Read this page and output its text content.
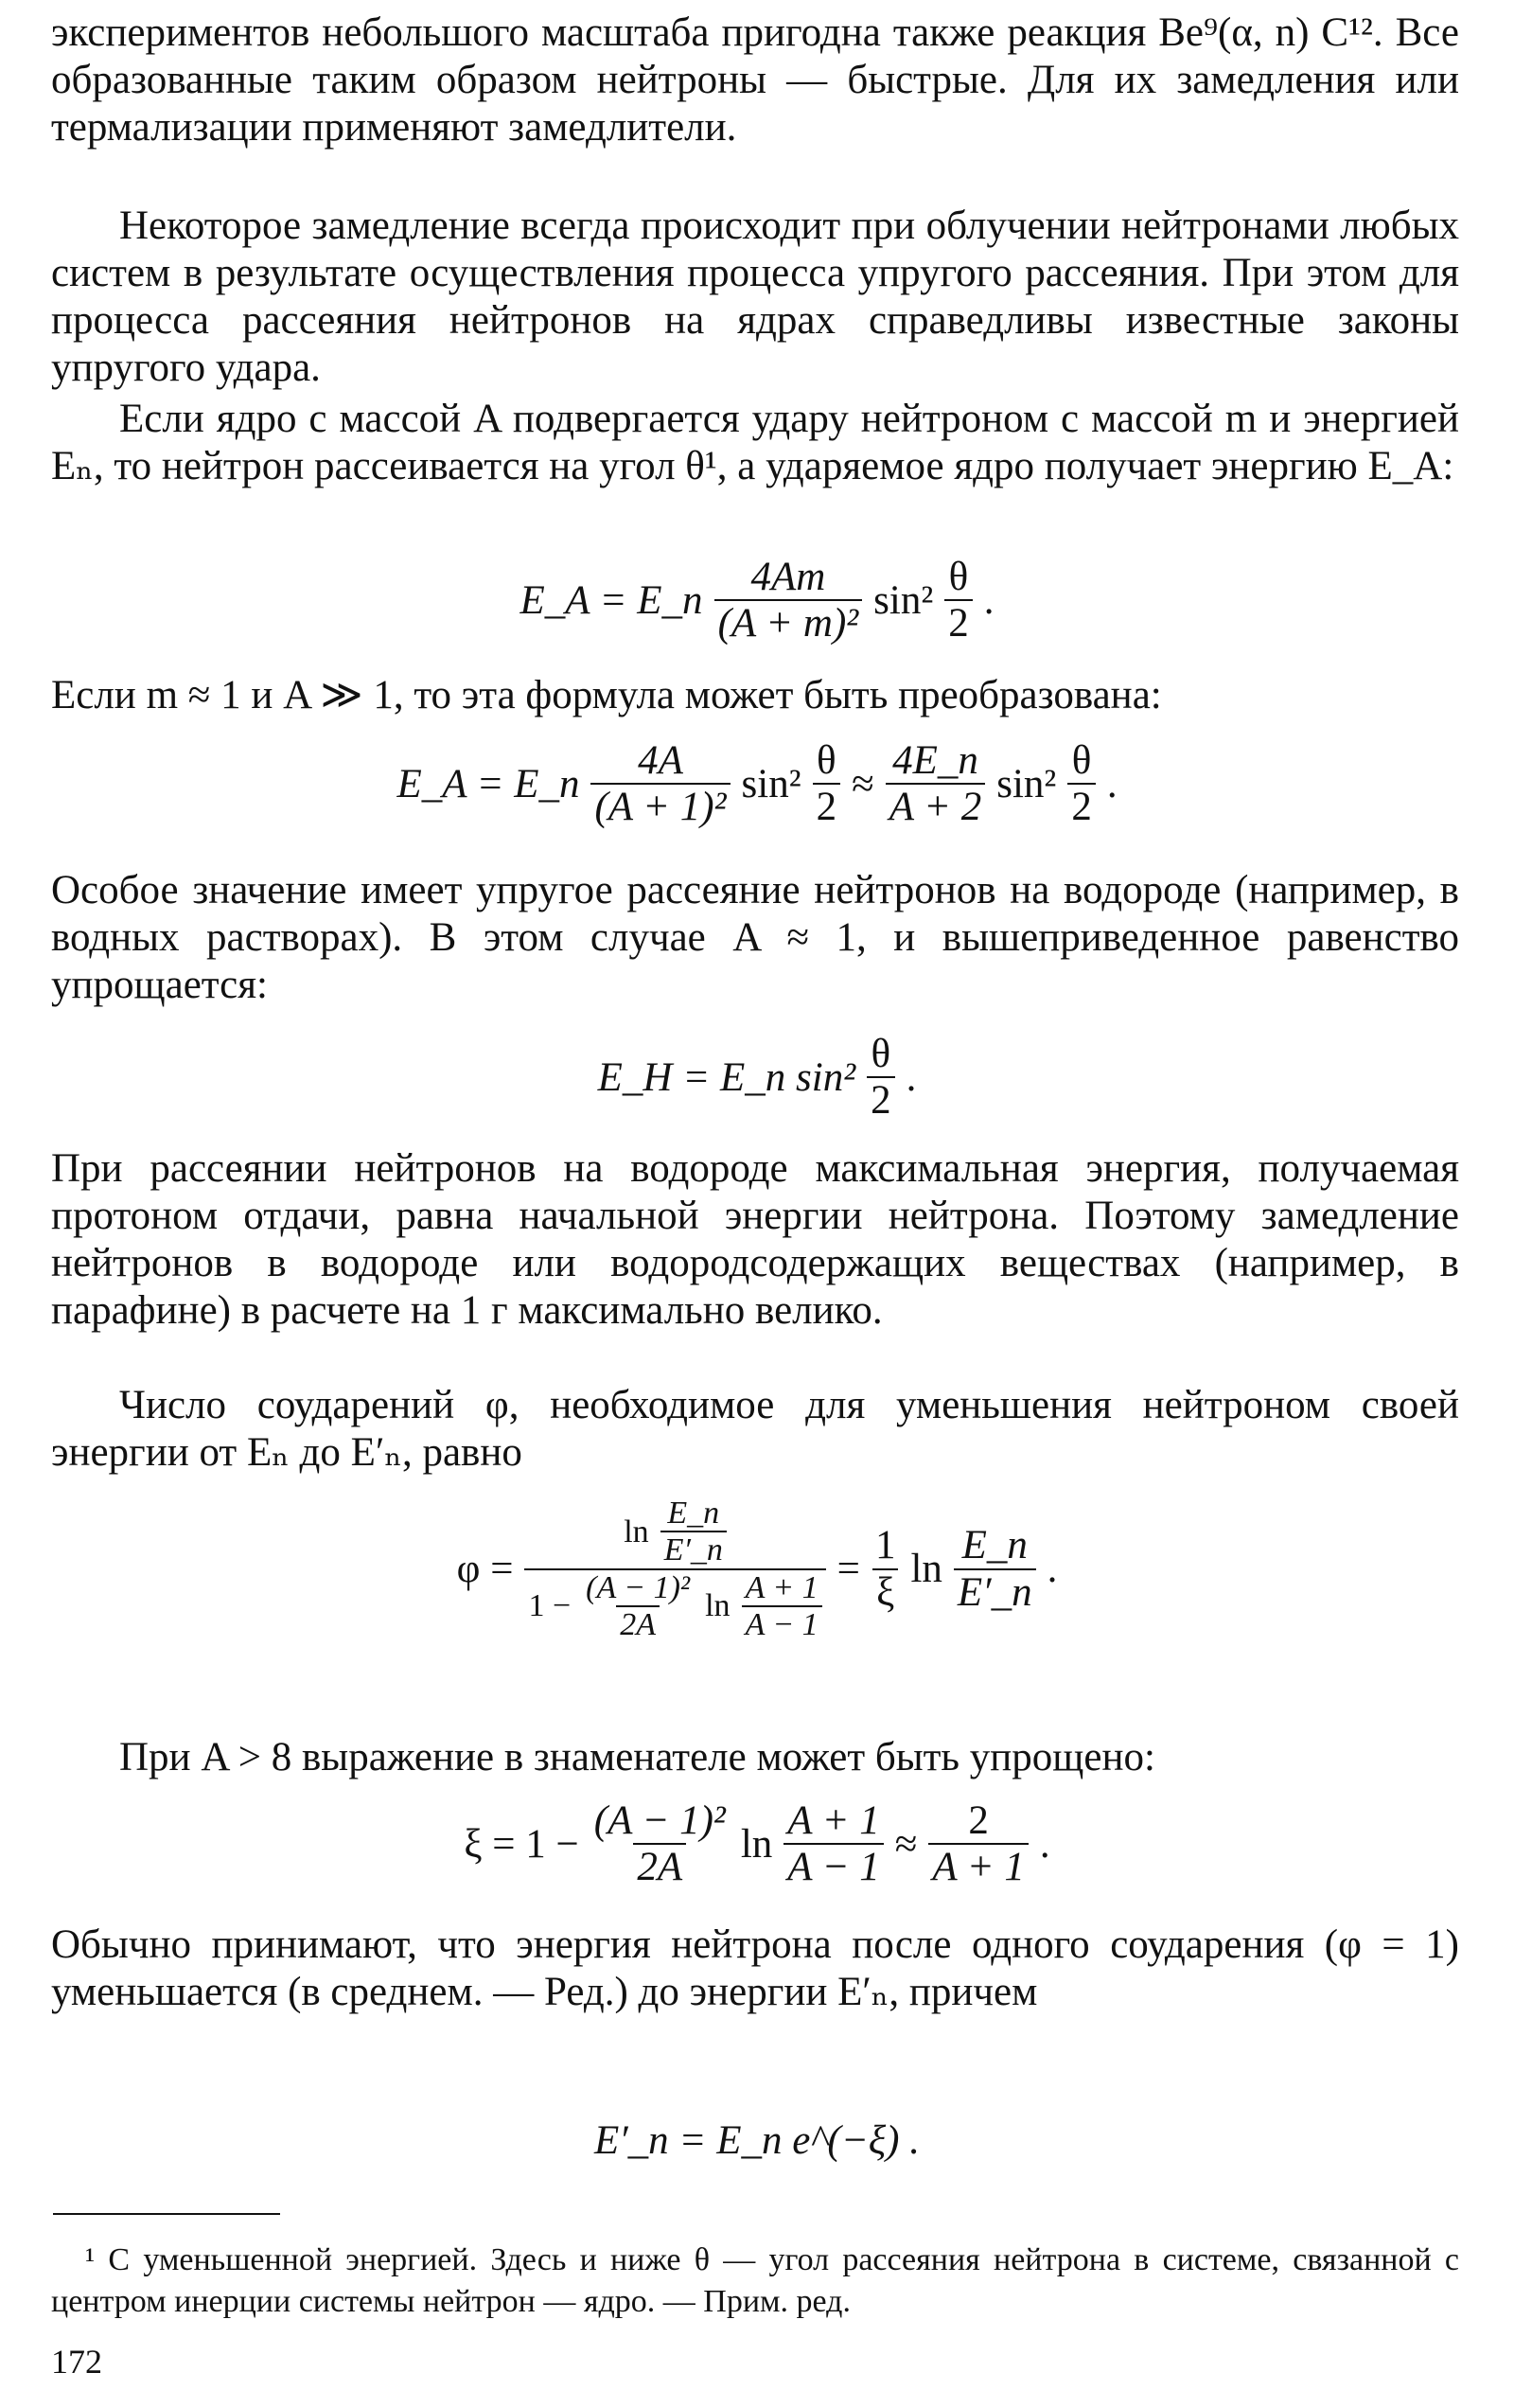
экспериментов небольшого масштаба пригодна также реакция Be⁹(α, n) C¹². Все образованные таким образом нейтроны — быстрые. Для их замедления или термализации применяют замедлители.

Некоторое замедление всегда происходит при облучении нейтронами любых систем в результате осуществления процесса упругого рассеяния. При этом для процесса рассеяния нейтронов на ядрах справедливы известные законы упругого удара.

Если ядро с массой A подвергается удару нейтроном с массой m и энергией Eₙ, то нейтрон рассеивается на угол θ¹, а ударяемое ядро получает энергию E_A:

E_A = E_n $\frac{4Am}{\text{(A + m)²}} \sin^2 \frac{\theta}{2}$ .

Если m ≈ 1 и A ≫ 1, то эта формула может быть преобразована:

E_A = E_n $\frac{4A}{\text{(A + 1)²}} \sin^2 \frac{\theta}{2} \approx \frac{4E\_n}{A + 2} \sin^2 \frac{\theta}{2}$ .

Особое значение имеет упругое рассеяние нейтронов на водороде (например, в водных растворах). В этом случае A ≈ 1, и вышеприведенное равенство упрощается:

E_H = E_n $\sin^2 \frac{\theta}{2}$ .

При рассеянии нейтронов на водороде максимальная энергия, получаемая протоном отдачи, равна начальной энергии нейтрона. Поэтому замедление нейтронов в водороде или водородсодержащих веществах (например, в парафине) в расчете на 1 г максимально велико.

Число соударений φ, необходимое для уменьшения нейтроном своей энергии от Eₙ до E′ₙ, равно

φ =
$\ln \frac{E\_n}{E'\_n}$
$1 - \frac{\text{(A − 1)²}}{2A}$ $\ln \frac{A + 1}{A - 1}$
= $\frac{1}{\xi}$ $\ln \frac{E\_n}{E'\_n}$ .

При A > 8 выражение в знаменателе может быть упрощено:

$\xi = 1 - \frac{\text{(A − 1)²}}{2A}$ $\ln \frac{A + 1}{A - 1} \approx \frac{2}{A + 1}$ .

Обычно принимают, что энергия нейтрона после одного соударения (φ = 1) уменьшается (в среднем. — Ред.) до энергии E′ₙ, причем

E′_n = E_n e^(−ξ) .

¹ С уменьшенной энергией. Здесь и ниже θ — угол рассеяния нейтрона в системе, связанной с центром инерции системы нейтрон — ядро. — Прим. ред.

172
